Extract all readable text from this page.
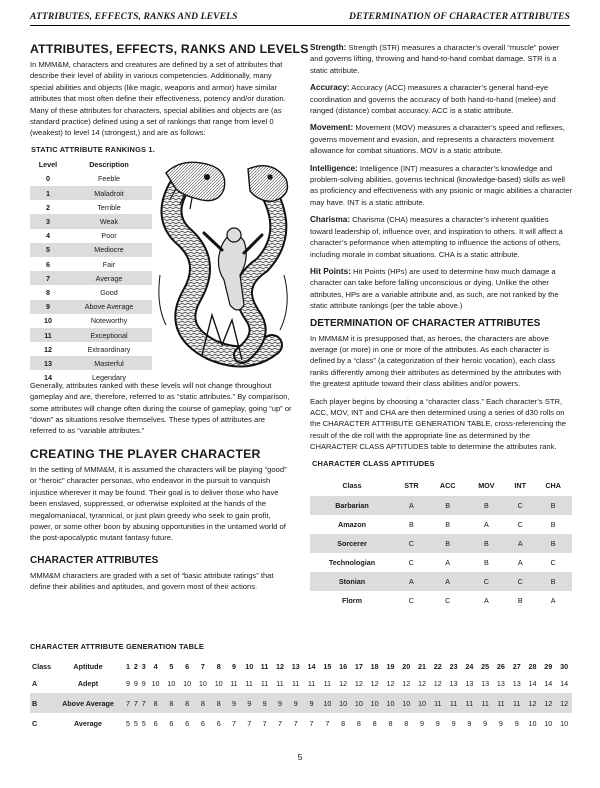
ATTRIBUTES, EFFECTS, RANKS AND LEVELS	DETERMINATION OF CHARACTER ATTRIBUTES
ATTRIBUTES, EFFECTS, RANKS AND LEVELS

In MMM&M, characters and creatures are defined by a set of attributes that describe their level of ability in various competencies. Additionally, many special abilities and objects (like magic, weapons and armor) have similar attributes that most often define their effectiveness, potency and/or duration. Many of these attributes for characters, special abilities and objects are (as standard practice) defined using a set of rankings that range from level 0 (weakest) to level 14 (strongest,) and are as follows:

STATIC ATTRIBUTE RANKINGS 1.
Level	Description
0	Feeble
1	Maladroit
2	Terrible
3	Weak
4	Poor
5	Mediocre
6	Fair
7	Average
8	Good
9	Above Average
10	Noteworthy
11	Exceptional
12	Extraordinary
13	Masterful
14	Legendary

Generally, attributes ranked with these levels will not change throughout gameplay and are, therefore, referred to as “static attributes.” By comparison, some attributes will change often during the course of gameplay, going “up” or “down” as situations resolve themselves. These types of attributes are referred to as “variable attributes.”

CREATING THE PLAYER CHARACTER

In the setting of MMM&M, it is assumed the characters will be playing “good” or “heroic” character personas, who endeavor in the pursuit to vanquish injustice wherever it may be found. Their goal is to deliver those who have been enslaved, suppressed, or otherwise exploited at the hands of the megalomaniacal, tyrannical, or just plain greedy who seek to gain profit, power, or some other boon by abusing opportunities in the untamed world of the post-apocalyptic mutant fantasy future.

CHARACTER ATTRIBUTES

MMM&M characters are graded with a set of “basic attribute ratings” that define their abilities and aptitudes, and govern most of their actions.

Strength: Strength (STR) measures a character’s overall “muscle” power and governs lifting, throwing and hand-to-hand combat damage. STR is a static attribute.

Accuracy: Accuracy (ACC) measures a character’s general hand-eye coordination and governs the accuracy of both hand-to-hand (melee) and ranged (distance) combat accuracy. ACC is a static attribute.

Movement: Movement (MOV) measures a character’s speed and reflexes, governs movement and evasion, and represents a characters movement allowance for combat situations. MOV is a static attribute.

Intelligence: Intelligence (INT) measures a character’s knowledge and problem-solving abilities, governs technical (knowledge-based) skills as well as proficiency and effectiveness with any psionic or magic abilities a character may have. INT is a static attribute.

Charisma: Charisma (CHA) measures a character’s inherent qualities toward leadership of, influence over, and inspiration to others. It will affect a character’s peformance when attempting to influence the actions of others, including morale in combat situations. CHA is a static attribute.

Hit Points: Hit Points (HPs) are used to determine how much damage a character can take before falling unconscious or dying. Unlike the other attributes, HPs are a variable attribute and, as such, are not ranked by the static attribute rankings (per the table above.)

DETERMINATION OF CHARACTER ATTRIBUTES

In MMM&M it is presupposed that, as heroes, the characters are above average (or more) in one or more of the attributes. As each character is defined by a “class” (a categorization of their heroic vocation), each class ranks differently among their attributes as determined by the attributes with the greatest aptitude toward their class abilities and/or powers.

Each player begins by choosing a “character class.” Each character’s STR, ACC, MOV, INT and CHA are then determined using a series of d30 rolls on the CHARACTER ATTRIBUTE GENERATION TABLE, cross-referencing the result of the die roll with the appropriate line as determined by the CHARACTER CLASS APTITUDES table to determine the attributes rank.

CHARACTER CLASS APTITUDES
Class	STR	ACC	MOV	INT	CHA
Barbarian	A	B	B	C	B
Amazon	B	B	A	C	B
Sorcerer	C	B	B	A	B
Technologian	C	A	B	A	C
Stonian	A	A	C	C	B
Florm	C	C	A	B	A
CHARACTER ATTRIBUTE GENERATION TABLE
Class	Aptitude	1	2	3	4	5	6	7	8	9	10	11	12	13	14	15	16	17	18	19	20	21	22	23	24	25	26	27	28	29	30
A	Adept	9	9	9	10	10	10	10	10	11	11	11	11	11	11	11	12	12	12	12	12	12	12	13	13	13	13	13	14	14	14
B	Above Average	7	7	7	8	8	8	8	8	9	9	9	9	9	9	10	10	10	10	10	10	10	11	11	11	11	11	11	12	12	12
C	Average	5	5	5	6	6	6	6	6	7	7	7	7	7	7	7	8	8	8	8	8	9	9	9	9	9	9	9	10	10	10
5
